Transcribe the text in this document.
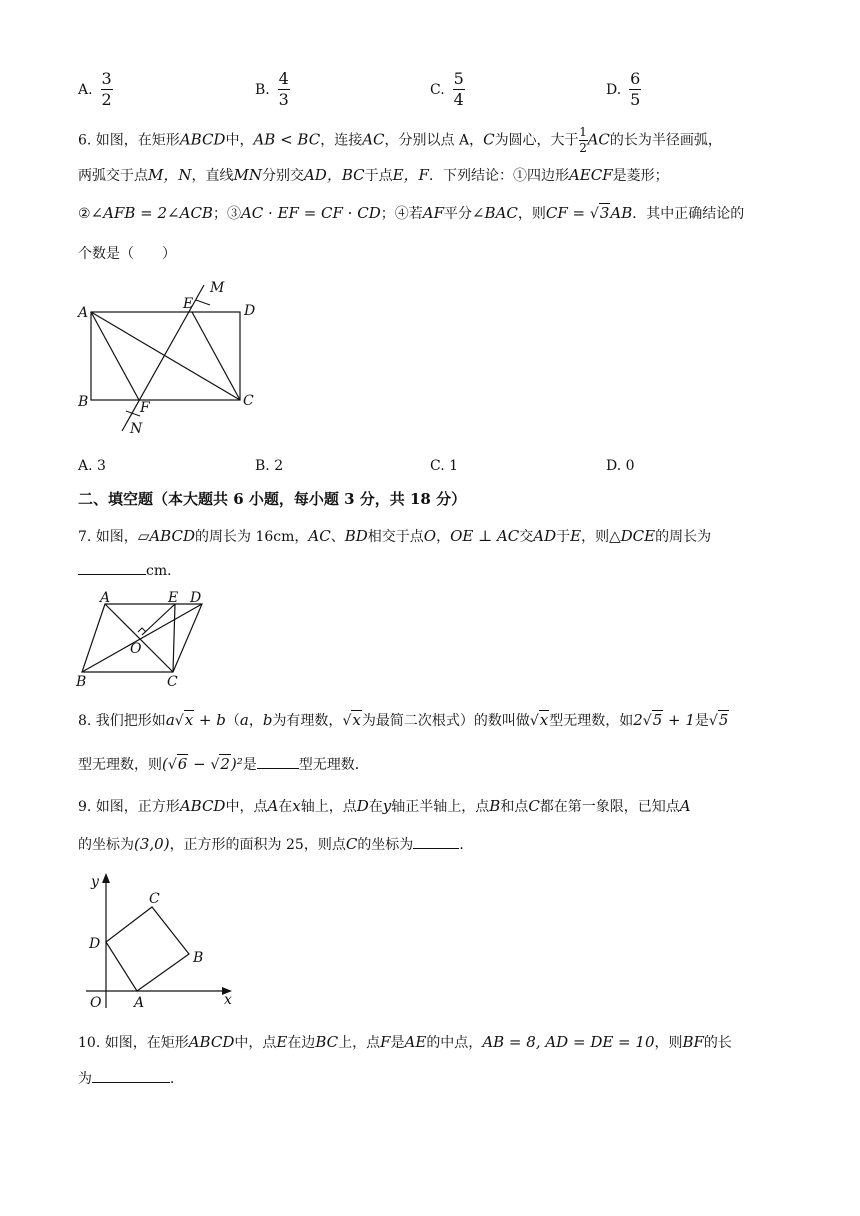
A. $\frac{3}{2}$	B. $\frac{4}{3}$	C. $\frac{5}{4}$	D. $\frac{6}{5}$
6. 如图，在矩形ABCD中，AB < BC，连接AC，分别以点 A，C为圆心，大于 $\frac{1}{2}$ AC的长为半径画弧，
两弧交于点M，N，直线MN分别交AD，BC于点E，F．下列结论：①四边形AECF是菱形；
②∠AFB = 2∠ACB；③AC · EF = CF · CD；④若AF平分∠BAC，则CF = √3AB．其中正确结论的
个数是（　　）
A
B	C
D
E
F
M
N
A. 3	B. 2	C. 1	D. 0
二、填空题（本大题共 6 小题，每小题 3 分，共 18 分）
7. 如图，▱ABCD的周长为 16cm，AC、BD相交于点O，OE ⊥ AC交AD于E，则△DCE的周长为
cm．
A	E D
O
B	C
8. 我们把形如a√x + b（a，b为有理数，√x为最简二次根式）的数叫做√x型无理数，如2√5 + 1是√5
型无理数，则(√6 − √2)²是	型无理数．
9. 如图，正方形ABCD中，点A在x轴上，点D在y轴正半轴上，点B和点C都在第一象限，已知点A
的坐标为(3,0)，正方形的面积为 25，则点C的坐标为	．
y
x
O A
B
C
D
10. 如图，在矩形ABCD中，点E在边BC上，点F是AE的中点，AB = 8, AD = DE = 10，则BF的长
为	．
